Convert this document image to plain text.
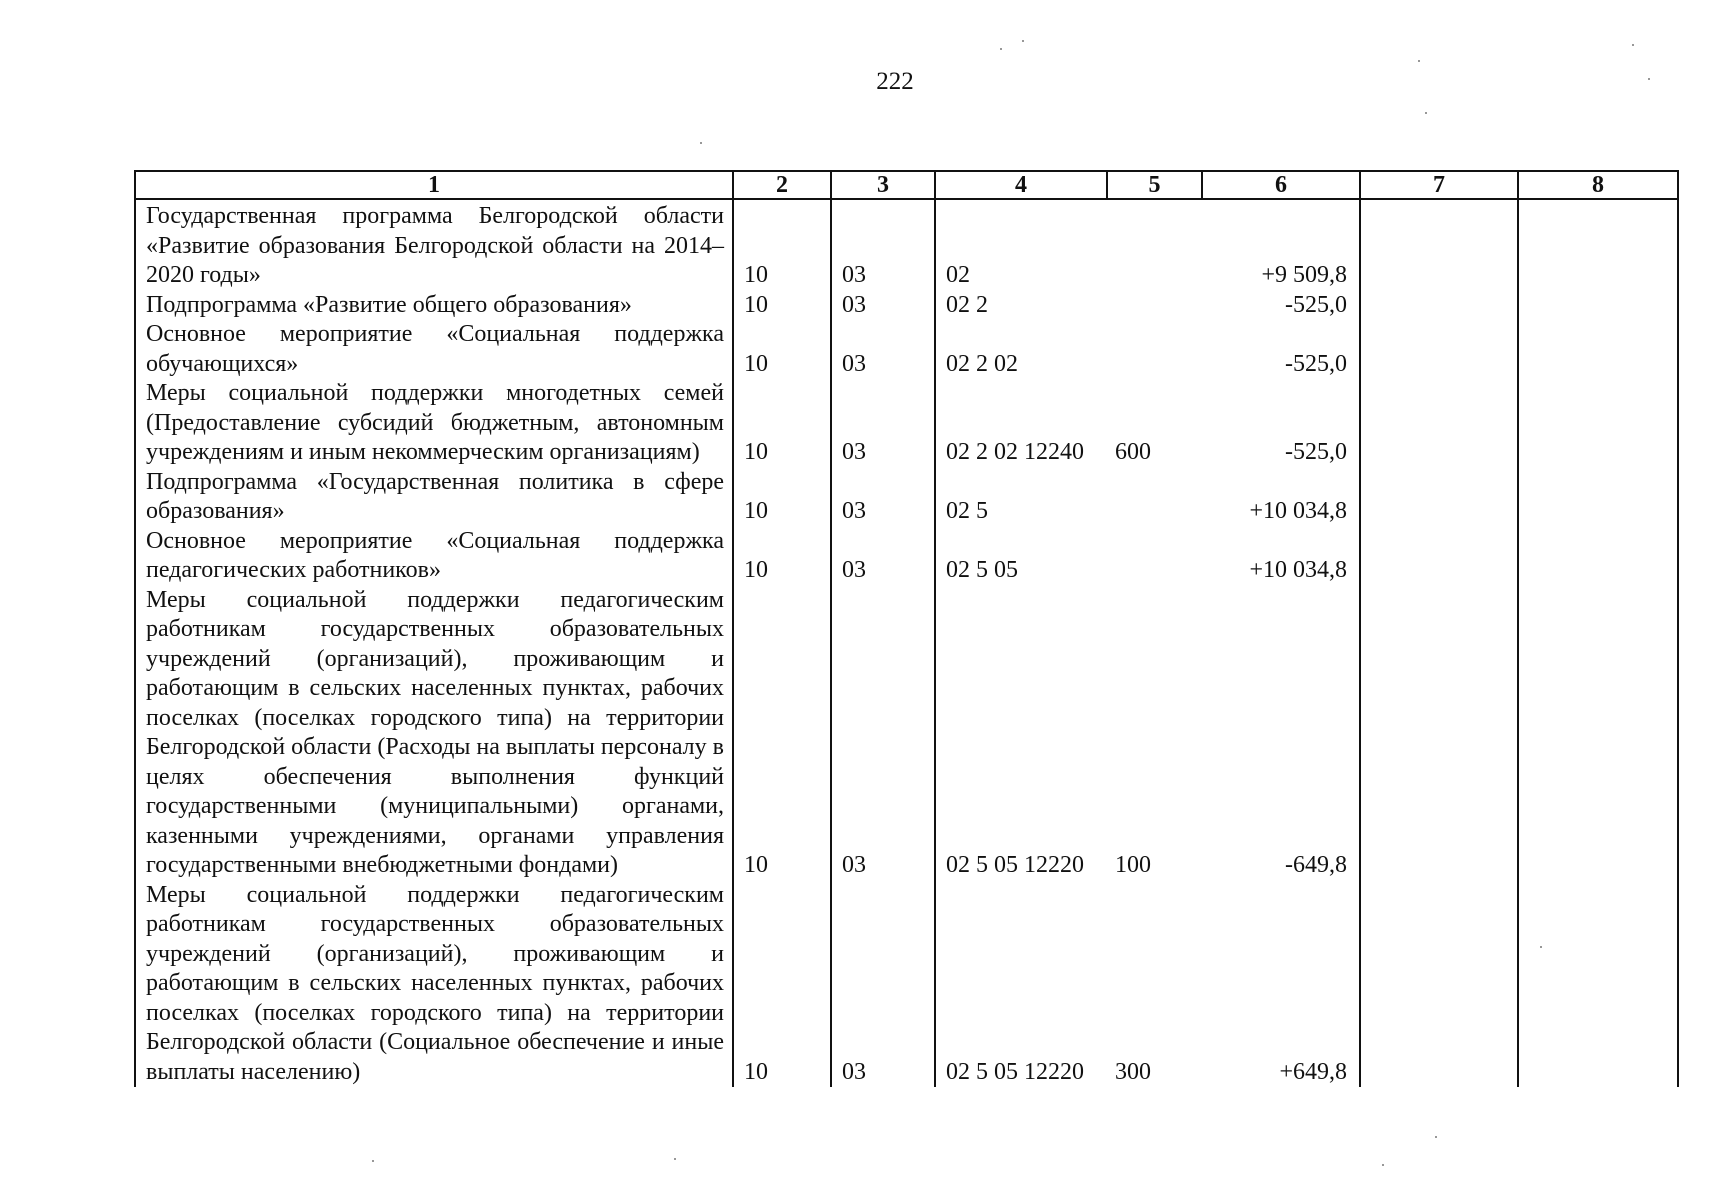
222
1	2	3	4	5	6	7	8
Государственная программа Белгородской области «Развитие образования Белгородской области на 2014–2020 годы»	10	03	02		+9 509,8		
Подпрограмма «Развитие общего образования»	10	03	02 2		-525,0		
Основное мероприятие «Социальная поддержка обучающихся»	10	03	02 2 02		-525,0		
Меры социальной поддержки многодетных семей (Предоставление субсидий бюджетным, автономным учреждениям и иным некоммерческим организациям)	10	03	02 2 02 12240	600	-525,0		
Подпрограмма «Государственная политика в сфере образования»	10	03	02 5		+10 034,8		
Основное мероприятие «Социальная поддержка педагогических работников»	10	03	02 5 05		+10 034,8		
Меры социальной поддержки педагогическим работникам государственных образовательных учреждений (организаций), проживающим и работающим в сельских населенных пунктах, рабочих поселках (поселках городского типа) на территории Белгородской области (Расходы на выплаты персоналу в целях обеспечения выполнения функций государственными (муниципальными) органами, казенными учреждениями, органами управления государственными внебюджетными фондами)	10	03	02 5 05 12220	100	-649,8		
Меры социальной поддержки педагогическим работникам государственных образовательных учреждений (организаций), проживающим и работающим в сельских населенных пунктах, рабочих поселках (поселках городского типа) на территории Белгородской области (Социальное обеспечение и иные выплаты населению)	10	03	02 5 05 12220	300	+649,8		
